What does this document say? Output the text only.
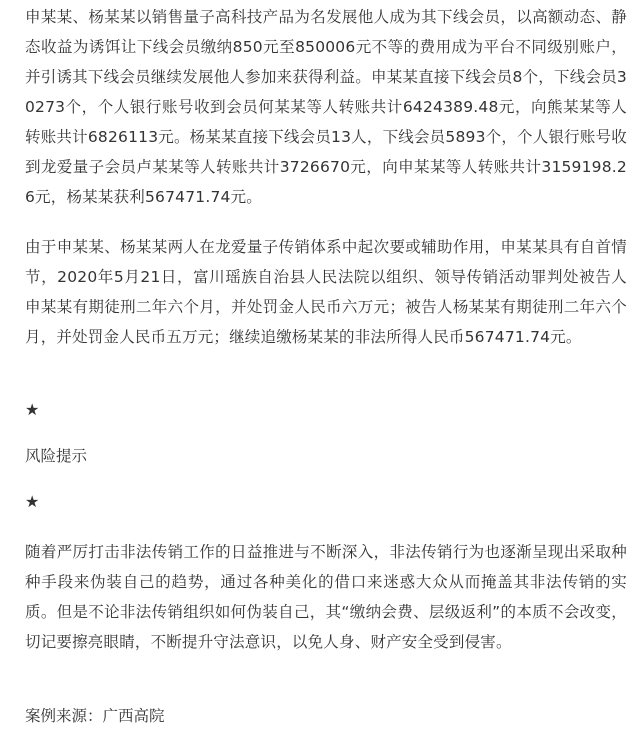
申某某、杨某某以销售量子高科技产品为名发展他人成为其下线会员，以高额动态、静态收益为诱饵让下线会员缴纳850元至850006元不等的费用成为平台不同级别账户，并引诱其下线会员继续发展他人参加来获得利益。申某某直接下线会员8个，下线会员30273个，个人银行账号收到会员何某某等人转账共计6424389.48元，向熊某某等人转账共计6826113元。杨某某直接下线会员13人，下线会员5893个，个人银行账号收到龙爱量子会员卢某某等人转账共计3726670元，向申某某等人转账共计3159198.26元，杨某某获利567471.74元。

由于申某某、杨某某两人在龙爱量子传销体系中起次要或辅助作用，申某某具有自首情节，2020年5月21日，富川瑶族自治县人民法院以组织、领导传销活动罪判处被告人申某某有期徒刑二年六个月，并处罚金人民币六万元；被告人杨某某有期徒刑二年六个月，并处罚金人民币五万元；继续追缴杨某某的非法所得人民币567471.74元。

★
风险提示
★

随着严厉打击非法传销工作的日益推进与不断深入，非法传销行为也逐渐呈现出采取种种手段来伪装自己的趋势，通过各种美化的借口来迷惑大众从而掩盖其非法传销的实质。但是不论非法传销组织如何伪装自己，其“缴纳会费、层级返利”的本质不会改变，切记要擦亮眼睛，不断提升守法意识，以免人身、财产安全受到侵害。

案例来源：广西高院
